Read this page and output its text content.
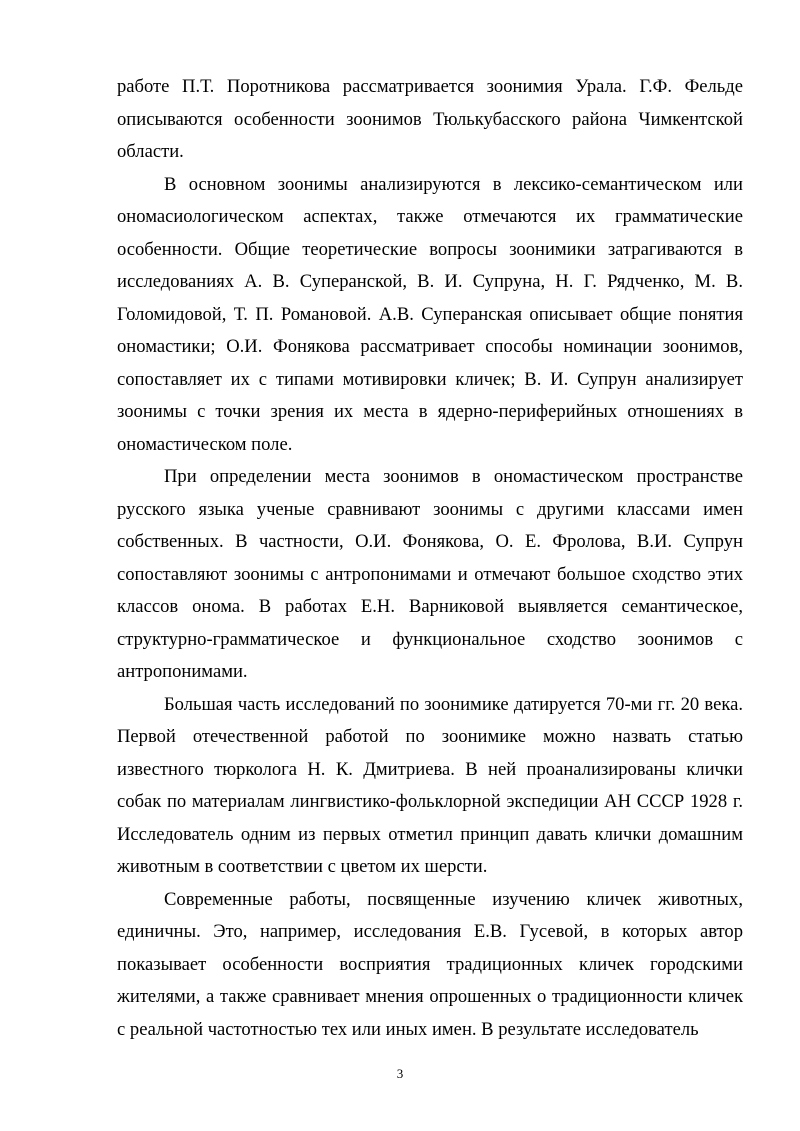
работе П.Т. Поротникова рассматривается зоонимия Урала. Г.Ф. Фельде описываются особенности зоонимов Тюлькубасского района Чимкентской области.

В основном зоонимы анализируются в лексико-семантическом или ономасиологическом аспектах, также отмечаются их грамматические особенности. Общие теоретические вопросы зоонимики затрагиваются в исследованиях А. В. Суперанской, В. И. Супруна, Н. Г. Рядченко, М. В. Голомидовой, Т. П. Романовой. А.В. Суперанская описывает общие понятия ономастики; О.И. Фонякова рассматривает способы номинации зоонимов, сопоставляет их с типами мотивировки кличек; В. И. Супрун анализирует зоонимы с точки зрения их места в ядерно-периферийных отношениях в ономастическом поле.

При определении места зоонимов в ономастическом пространстве русского языка ученые сравнивают зоонимы с другими классами имен собственных. В частности, О.И. Фонякова, О. Е. Фролова, В.И. Супрун сопоставляют зоонимы с антропонимами и отмечают большое сходство этих классов онома. В работах Е.Н. Варниковой выявляется семантическое, структурно-грамматическое и функциональное сходство зоонимов с антропонимами.

Большая часть исследований по зоонимике датируется 70-ми гг. 20 века. Первой отечественной работой по зоонимике можно назвать статью известного тюрколога Н. К. Дмитриева. В ней проанализированы клички собак по материалам лингвистико-фольклорной экспедиции АН СССР 1928 г. Исследователь одним из первых отметил принцип давать клички домашним животным в соответствии с цветом их шерсти.

Современные работы, посвященные изучению кличек животных, единичны. Это, например, исследования Е.В. Гусевой, в которых автор показывает особенности восприятия традиционных кличек городскими жителями, а также сравнивает мнения опрошенных о традиционности кличек с реальной частотностью тех или иных имен. В результате исследователь

3
